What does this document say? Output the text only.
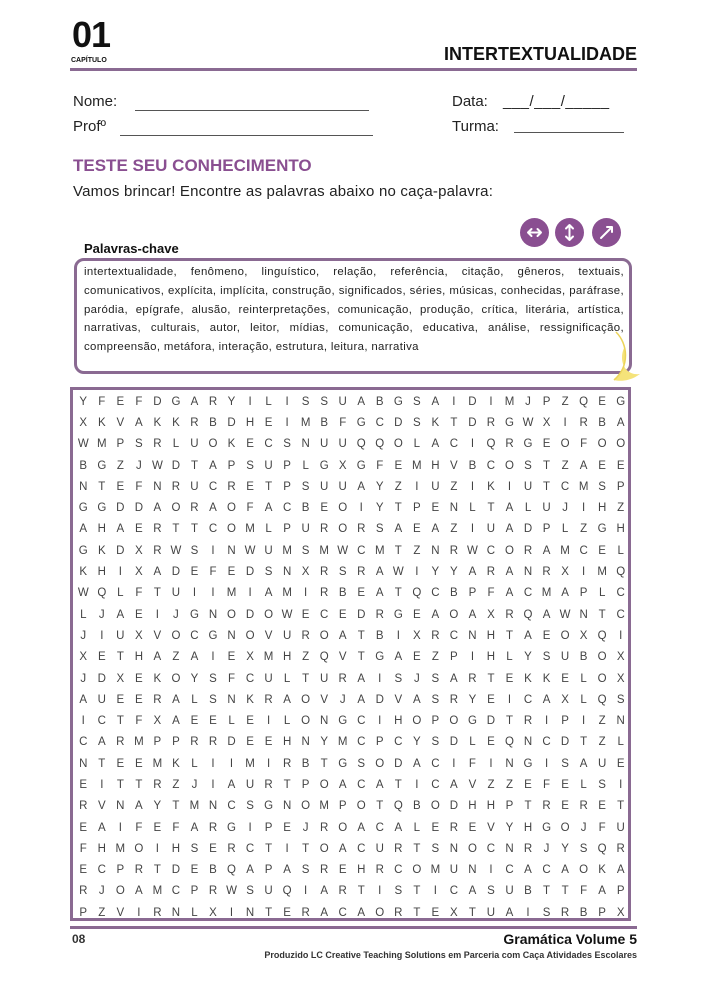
01
CAPÍTULO	INTERTEXTUALIDADE
Nome:	Data: ___/___/_____
Profº	Turma:
TESTE SEU CONHECIMENTO
Vamos brincar! Encontre as palavras abaixo no caça-palavra:
Palavras-chave
intertextualidade, fenômeno, linguístico, relação, referência, citação, gêneros, textuais, comunicativos, explícita, implícita, construção, significados, séries, músicas, conhecidas, paráfrase, paródia, epígrafe, alusão, reinterpretações, comunicação, produção, crítica, literária, artística, narrativas, culturais, autor, leitor, mídias, comunicação, educativa, análise, ressignificação, compreensão, metáfora, interação, estrutura, leitura, narrativa
Y F E F D G A R Y	I	L	I	S S U A B G S A	I	D	I	M J	P Z Q E G
X K V A K K R B D H E	I	M B F G C D S K T D R G W X	I	R B A
W M P S R L U O K E C S N U U Q Q O L A C	I	Q R G E O F O O
B G Z	J W D T A P S U P	L G X G F E M H V B C O S T	Z A E E
N T E F N R U C R E T P S U U A Y Z	I	U Z	I	K	I	U T C M S P
G G D D A O R A O F A C B E O	I	Y T P E N L	T A	L U	J	I	H Z
A H A E R T	T C O M L P U R O R S A E A Z	I	U A D P	L	Z G H
G K D X R W S	I	N W U M S M W C M T	Z N R W C O R A M C E	L
K H	I	X A D E F E D S N X R S R A W	I	Y Y A R A N R X	I	M Q
W Q L	F	T U	I	I	M	I	A M	I	R B E A T Q C B P F A C M A P	L C
L	J	A E	I	J G N O D O W E C E D R G E A O A X R Q A W N T C
J	I	U X V O C G N O V U R O A T B	I	X R C N H T A E O X Q	I
X E T H A Z A	I	E X M H Z Q V T G A E Z P	I	H L Y S U B O X
J	D X E K O Y S F C U L	T U R A	I	S	J	S A R T E K K E	L O X
A U E E R A	L S N K R A O V	J	A D V A S R Y E	I	C A X	L Q S
I	C T	F X A E E	L E	I	L O N G C	I	H O P O G D T R	I	P	I	Z N
C A R M P P R R D E E H N Y M C P C Y S D L E Q N C D T	Z	L
N T E E M K	L	I	I	M	I	R B T G S O D A C	I	F	I	N G	I	S A U E
E	I	T	T R Z	J	I	A U R T P O A C A T	I	C A V Z	Z E F E	L S	I
R V N A Y T M N C S G N O M P O T Q B O D H H P T R E R E T
E A	I	F E F A R G	I	P E	J	R O A C A	L E R E V Y H G O J	F U
F H M O	I	H S E R C T	I	T O A C U R T S N O C N R	J	Y S Q R
E C P R T D E B Q A P A S R E H R C O M U N	I	C A C A O K A
R	J O A M C P R W S U Q	I	A R T	I	S T	I	C A S U B T	T	F A P
P Z V	I	R N L X	I	N T E R A C A O R T E X T U A	I	S R B P X
08	Gramática Volume 5
Produzido LC Creative Teaching Solutions em Parceria com Caça Atividades Escolares
